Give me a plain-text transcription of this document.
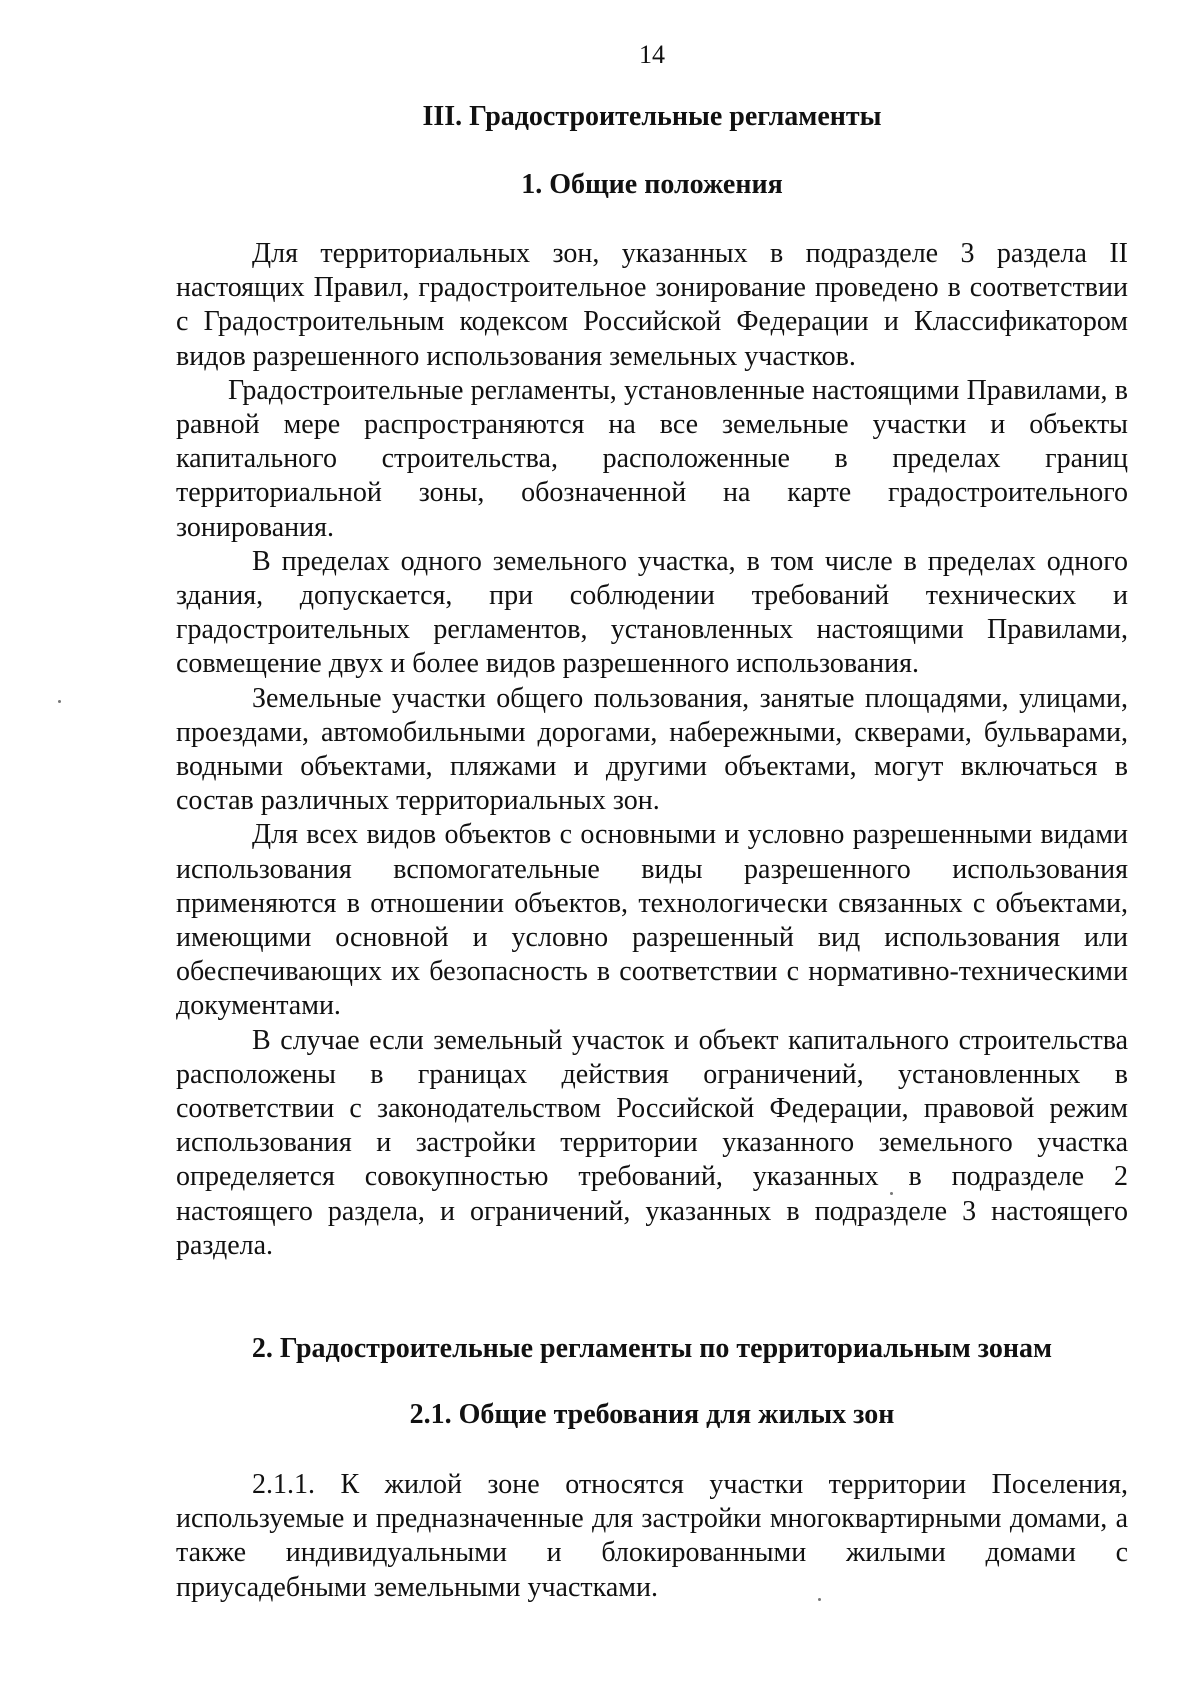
14
III. Градостроительные регламенты
1. Общие положения

Для территориальных зон, указанных в подразделе 3 раздела II настоящих Правил, градостроительное зонирование проведено в соответствии с Градостроительным кодексом Российской Федерации и Классификатором видов разрешенного использования земельных участков.

Градостроительные регламенты, установленные настоящими Правилами, в равной мере распространяются на все земельные участки и объекты капитального строительства, расположенные в пределах границ территориальной зоны, обозначенной на карте градостроительного зонирования.

В пределах одного земельного участка, в том числе в пределах одного здания, допускается, при соблюдении требований технических и градостроительных регламентов, установленных настоящими Правилами, совмещение двух и более видов разрешенного использования.

Земельные участки общего пользования, занятые площадями, улицами, проездами, автомобильными дорогами, набережными, скверами, бульварами, водными объектами, пляжами и другими объектами, могут включаться в состав различных территориальных зон.

Для всех видов объектов с основными и условно разрешенными видами использования вспомогательные виды разрешенного использования применяются в отношении объектов, технологически связанных с объектами, имеющими основной и условно разрешенный вид использования или обеспечивающих их безопасность в соответствии с нормативно-техническими документами.

В случае если земельный участок и объект капитального строительства расположены в границах действия ограничений, установленных в соответствии с законодательством Российской Федерации, правовой режим использования и застройки территории указанного земельного участка определяется совокупностью требований, указанных в подразделе 2 настоящего раздела, и ограничений, указанных в подразделе 3 настоящего раздела.

2. Градостроительные регламенты по территориальным зонам
2.1. Общие требования для жилых зон

2.1.1. К жилой зоне относятся участки территории Поселения, используемые и предназначенные для застройки многоквартирными домами, а также индивидуальными и блокированными жилыми домами с приусадебными земельными участками.
